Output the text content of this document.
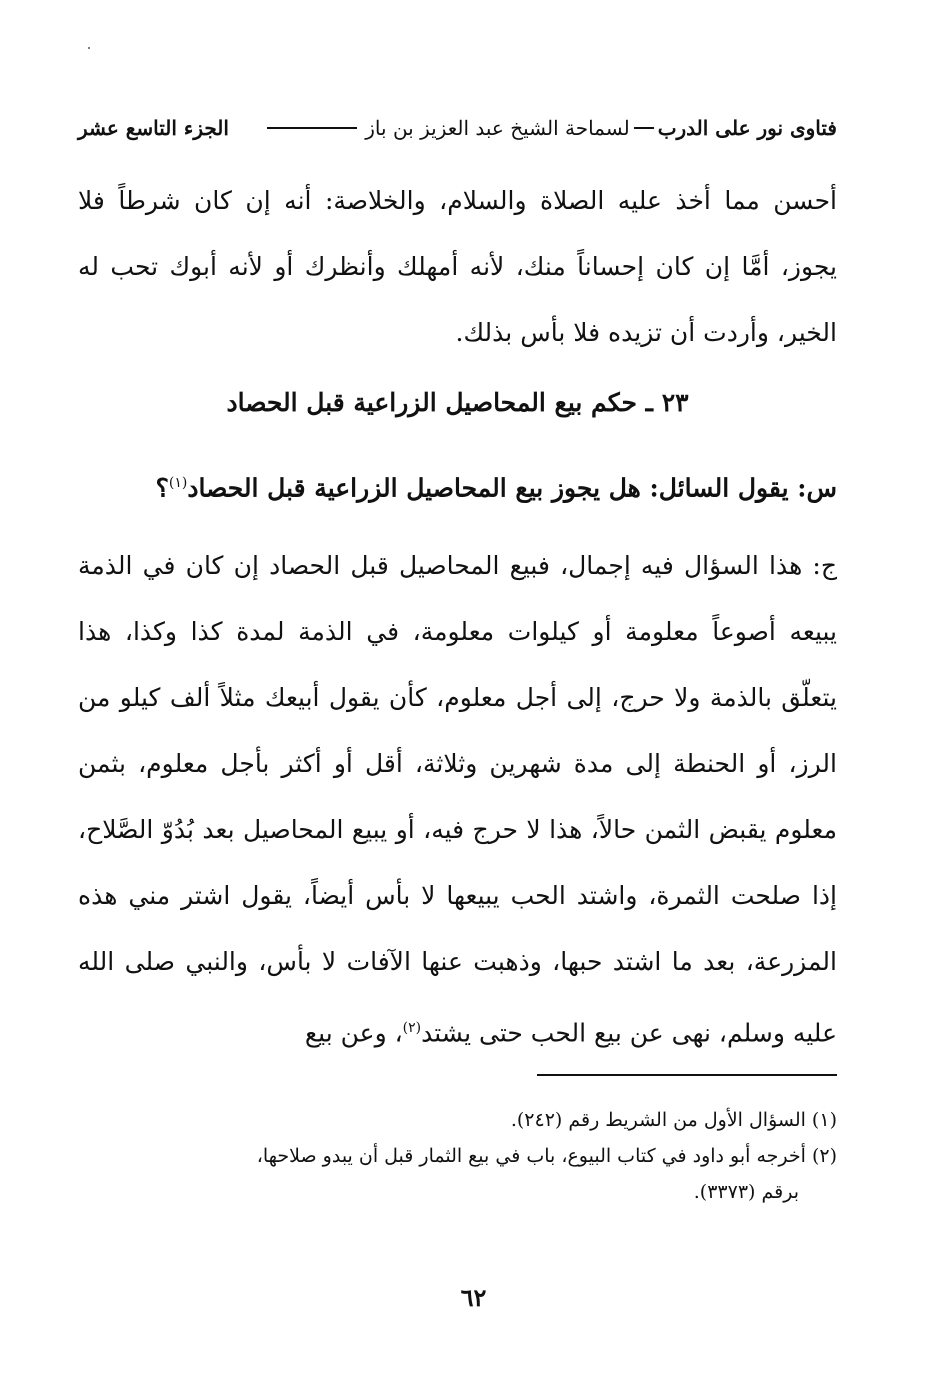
فتاوى نور على الدرب
لسماحة الشيخ عبد العزيز بن باز
الجزء التاسع عشر

أحسن مما أخذ عليه الصلاة والسلام، والخلاصة: أنه إن كان شرطاً فلا يجوز، أمَّا إن كان إحساناً منك، لأنه أمهلك وأنظرك أو لأنه أبوك تحب له الخير، وأردت أن تزيده فلا بأس بذلك.

٢٣ ـ حكم بيع المحاصيل الزراعية قبل الحصاد

س: يقول السائل: هل يجوز بيع المحاصيل الزراعية قبل الحصاد$^{(١)}$؟

ج: هذا السؤال فيه إجمال، فبيع المحاصيل قبل الحصاد إن كان في الذمة يبيعه أصوعاً معلومة أو كيلوات معلومة، في الذمة لمدة كذا وكذا، هذا يتعلّق بالذمة ولا حرج، إلى أجل معلوم، كأن يقول أبيعك مثلاً ألف كيلو من الرز، أو الحنطة إلى مدة شهرين وثلاثة، أقل أو أكثر بأجل معلوم، بثمن معلوم يقبض الثمن حالاً، هذا لا حرج فيه، أو يبيع المحاصيل بعد بُدُوّ الصَّلاح، إذا صلحت الثمرة، واشتد الحب يبيعها لا بأس أيضاً، يقول اشتر مني هذه المزرعة، بعد ما اشتد حبها، وذهبت عنها الآفات لا بأس، والنبي صلى الله عليه وسلم، نهى عن بيع الحب حتى يشتد$^{(٢)}$، وعن بيع

(١) السؤال الأول من الشريط رقم (٢٤٢).
(٢) أخرجه أبو داود في كتاب البيوع، باب في بيع الثمار قبل أن يبدو صلاحها،
برقم (٣٣٧٣).
٦٢
